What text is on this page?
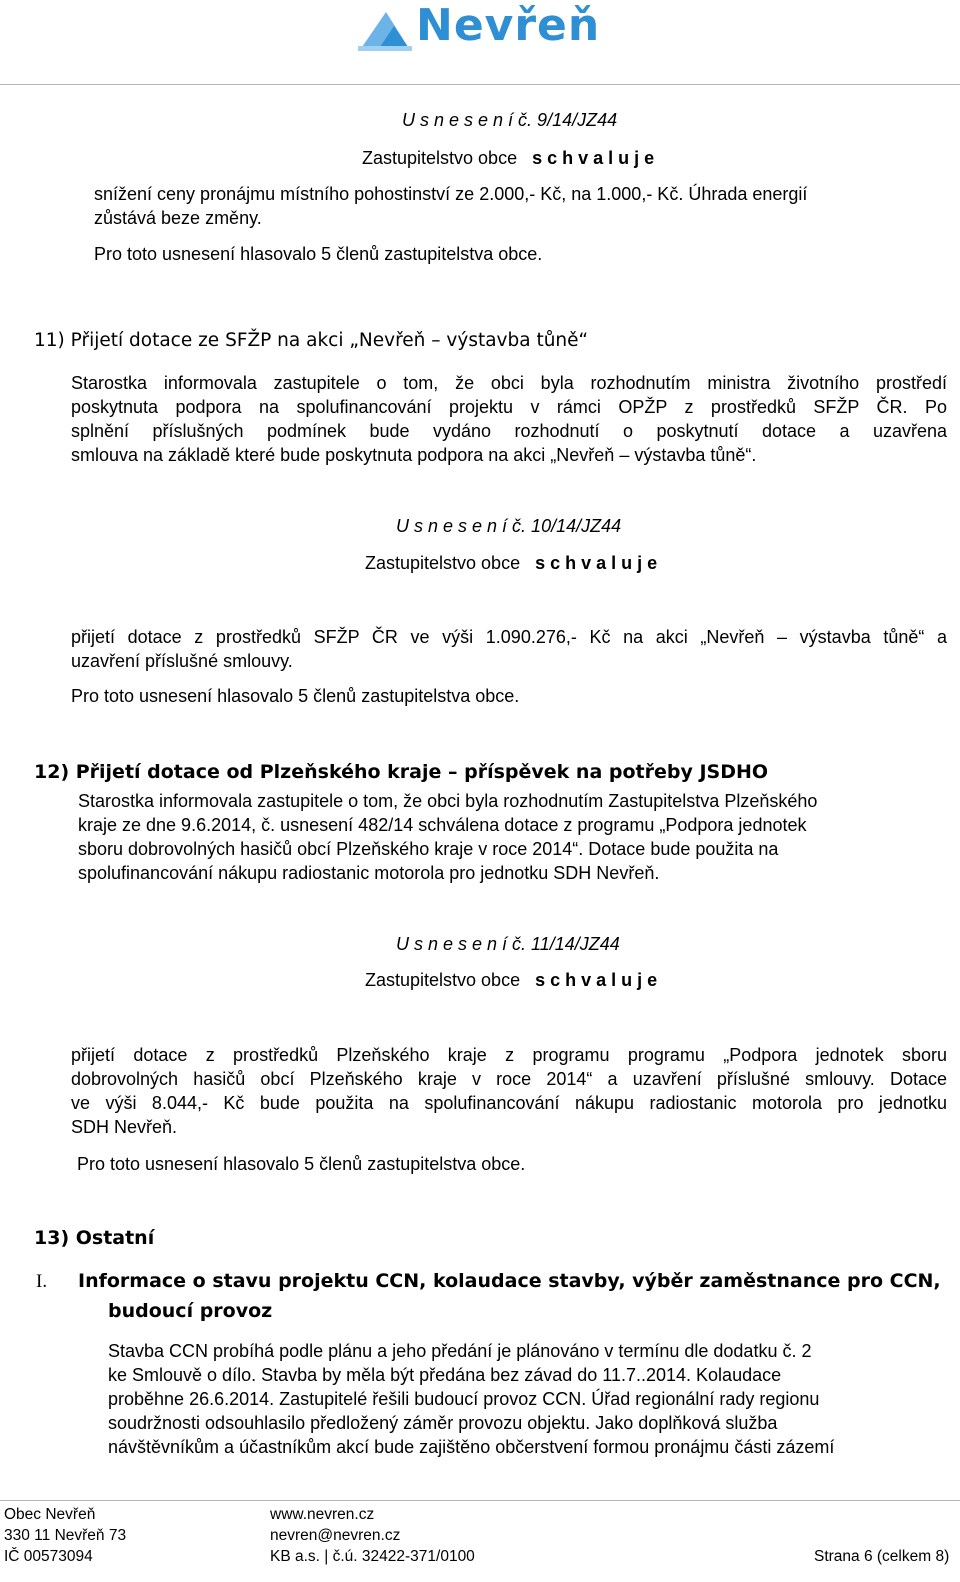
Nevřeň
U s n e s e n í č. 9/14/JZ44
Zastupitelstvo obce s c h v a l u j e
snížení ceny pronájmu místního pohostinství ze 2.000,- Kč, na 1.000,- Kč. Úhrada energií
zůstává beze změny.
Pro toto usnesení hlasovalo 5 členů zastupitelstva obce.
11) Přijetí dotace ze SFŽP na akci „Nevřeň – výstavba tůně“
Starostka informovala zastupitele o tom, že obci byla rozhodnutím ministra životního prostředí
poskytnuta podpora na spolufinancování projektu v rámci OPŽP z prostředků SFŽP ČR. Po
splnění příslušných podmínek bude vydáno rozhodnutí o poskytnutí dotace a uzavřena
smlouva na základě které bude poskytnuta podpora na akci „Nevřeň – výstavba tůně“.
U s n e s e n í č. 10/14/JZ44
Zastupitelstvo obce s c h v a l u j e
přijetí dotace z prostředků SFŽP ČR ve výši 1.090.276,- Kč na akci „Nevřeň – výstavba tůně“ a
uzavření příslušné smlouvy.
Pro toto usnesení hlasovalo 5 členů zastupitelstva obce.
12) Přijetí dotace od Plzeňského kraje – příspěvek na potřeby JSDHO
Starostka informovala zastupitele o tom, že obci byla rozhodnutím Zastupitelstva Plzeňského
kraje ze dne 9.6.2014, č. usnesení 482/14 schválena dotace z programu „Podpora jednotek
sboru dobrovolných hasičů obcí Plzeňského kraje v roce 2014“. Dotace bude použita na
spolufinancování nákupu radiostanic motorola pro jednotku SDH Nevřeň.
U s n e s e n í č. 11/14/JZ44
Zastupitelstvo obce s c h v a l u j e
přijetí dotace z prostředků Plzeňského kraje z programu programu „Podpora jednotek sboru
dobrovolných hasičů obcí Plzeňského kraje v roce 2014“ a uzavření příslušné smlouvy. Dotace
ve výši 8.044,- Kč bude použita na spolufinancování nákupu radiostanic motorola pro jednotku
SDH Nevřeň.
Pro toto usnesení hlasovalo 5 členů zastupitelstva obce.
13) Ostatní
I. Informace o stavu projektu CCN, kolaudace stavby, výběr zaměstnance pro CCN,
budoucí provoz
Stavba CCN probíhá podle plánu a jeho předání je plánováno v termínu dle dodatku č. 2
ke Smlouvě o dílo. Stavba by měla být předána bez závad do 11.7..2014. Kolaudace
proběhne 26.6.2014. Zastupitelé řešili budoucí provoz CCN. Úřad regionální rady regionu
soudržnosti odsouhlasilo předložený záměr provozu objektu. Jako doplňková služba
návštěvníkům a účastníkům akcí bude zajištěno občerstvení formou pronájmu části zázemí
Obec Nevřeň
330 11 Nevřeň 73
IČ 00573094
www.nevren.cz
nevren@nevren.cz
KB a.s. | č.ú. 32422-371/0100	Strana 6 (celkem 8)
